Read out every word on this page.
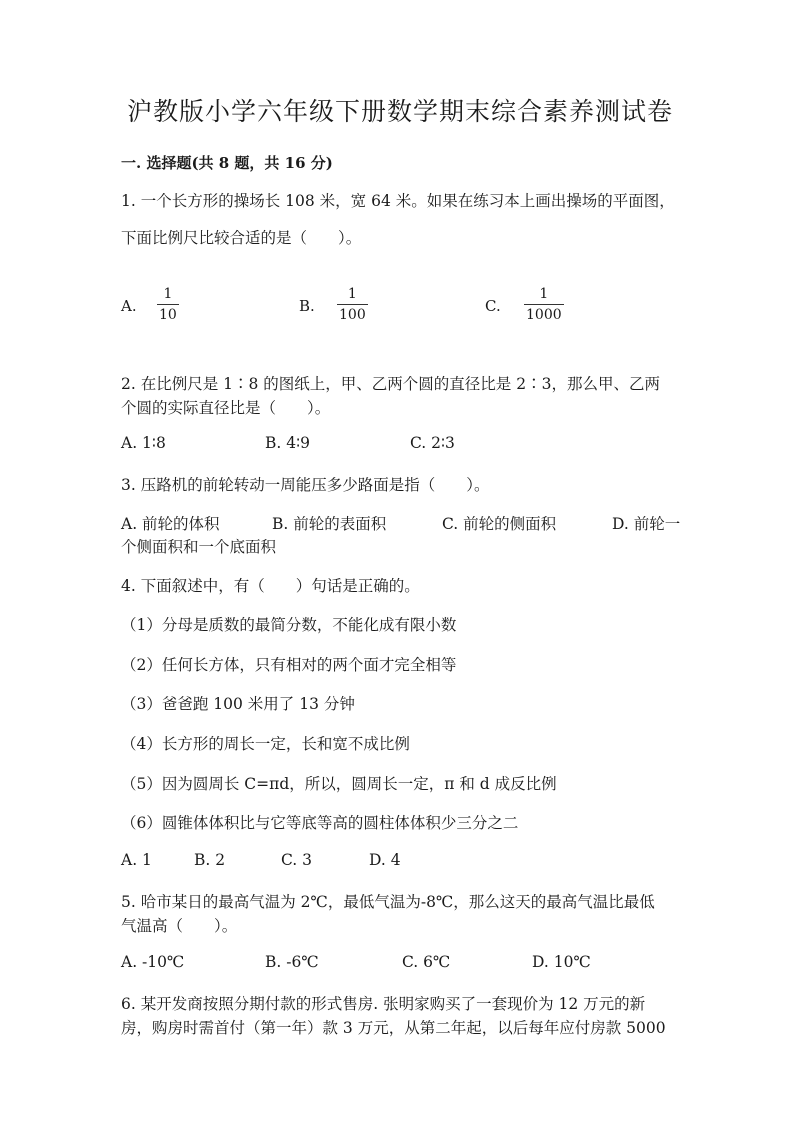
沪教版小学六年级下册数学期末综合素养测试卷
一. 选择题(共 8 题，共 16 分)
1. 一个长方形的操场长 108 米，宽 64 米。如果在练习本上画出操场的平面图，
下面比例尺比较合适的是（　　）。
A. $\frac{1}{10}$	B. $\frac{1}{100}$	C. $\frac{1}{1000}$
2. 在比例尺是 1∶8 的图纸上，甲、乙两个圆的直径比是 2∶3，那么甲、乙两
个圆的实际直径比是（　　）。
A. 1∶8	B. 4∶9	C. 2∶3
3. 压路机的前轮转动一周能压多少路面是指（　　）。
A. 前轮的体积	B. 前轮的表面积	C. 前轮的侧面积	D. 前轮一
个侧面积和一个底面积
4. 下面叙述中，有（　　）句话是正确的。
（1）分母是质数的最简分数，不能化成有限小数
（2）任何长方体，只有相对的两个面才完全相等
（3）爸爸跑 100 米用了 13 分钟
（4）长方形的周长一定，长和宽不成比例
（5）因为圆周长 C=πd，所以，圆周长一定，π 和 d 成反比例
（6）圆锥体体积比与它等底等高的圆柱体体积少三分之二
A. 1	B. 2	C. 3	D. 4
5. 哈市某日的最高气温为 2℃，最低气温为-8℃，那么这天的最高气温比最低
气温高（　　）。
A. -10℃	B. -6℃	C. 6℃	D. 10℃
6. 某开发商按照分期付款的形式售房. 张明家购买了一套现价为 12 万元的新
房，购房时需首付（第一年）款 3 万元，从第二年起，以后每年应付房款 5000
